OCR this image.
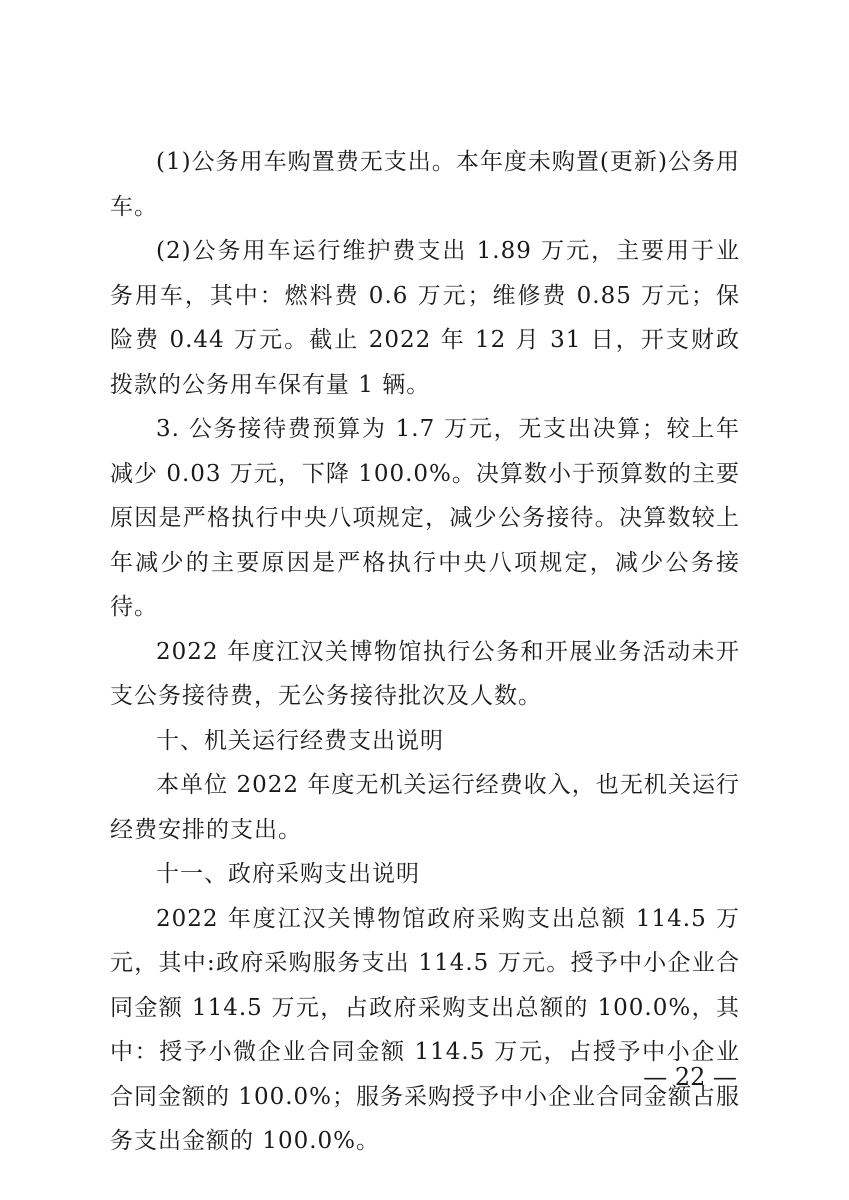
(1)公务用车购置费无支出。本年度未购置(更新)公务用车。

(2)公务用车运行维护费支出 1.89 万元，主要用于业务用车，其中：燃料费 0.6 万元；维修费 0.85 万元；保险费 0.44 万元。截止 2022 年 12 月 31 日，开支财政拨款的公务用车保有量 1 辆。

3. 公务接待费预算为 1.7 万元，无支出决算；较上年减少 0.03 万元，下降 100.0%。决算数小于预算数的主要原因是严格执行中央八项规定，减少公务接待。决算数较上年减少的主要原因是严格执行中央八项规定，减少公务接待。

2022 年度江汉关博物馆执行公务和开展业务活动未开支公务接待费，无公务接待批次及人数。

十、机关运行经费支出说明

本单位 2022 年度无机关运行经费收入，也无机关运行经费安排的支出。

十一、政府采购支出说明

2022 年度江汉关博物馆政府采购支出总额 114.5 万元，其中:政府采购服务支出 114.5 万元。授予中小企业合同金额 114.5 万元，占政府采购支出总额的 100.0%，其中：授予小微企业合同金额 114.5 万元，占授予中小企业合同金额的 100.0%；服务采购授予中小企业合同金额占服务支出金额的 100.0%。

— 22 —
